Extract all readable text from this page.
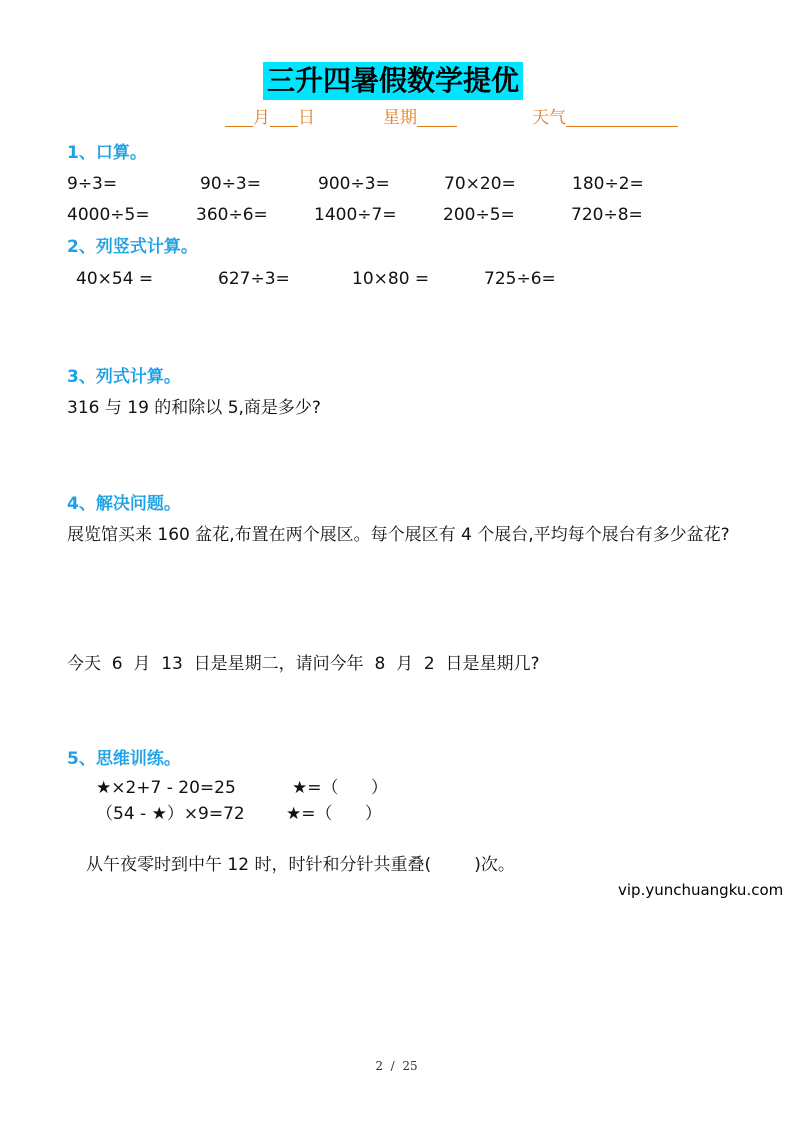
三升四暑假数学提优
月 日	星期	天气
1、口算。
9÷3=	90÷3=	900÷3=	70×20=	180÷2=
4000÷5=	360÷6=	1400÷7=	200÷5=	720÷8=
2、列竖式计算。
40×54 =	627÷3=	10×80 =	725÷6=
3、列式计算。
316 与 19 的和除以 5,商是多少?
4、解决问题。
展览馆买来 160 盆花,布置在两个展区。每个展区有 4 个展台,平均每个展台有多少盆花?
今天  6  月  13  日是星期二，请问今年  8  月  2  日是星期几?
5、思维训练。
★×2+7 - 20=25	★=（      ）
（54 - ★）×9=72 ★=（      ）
从午夜零时到中午 12 时，时针和分针共重叠(        )次。
vip.yunchuangku.com
2  /  25
